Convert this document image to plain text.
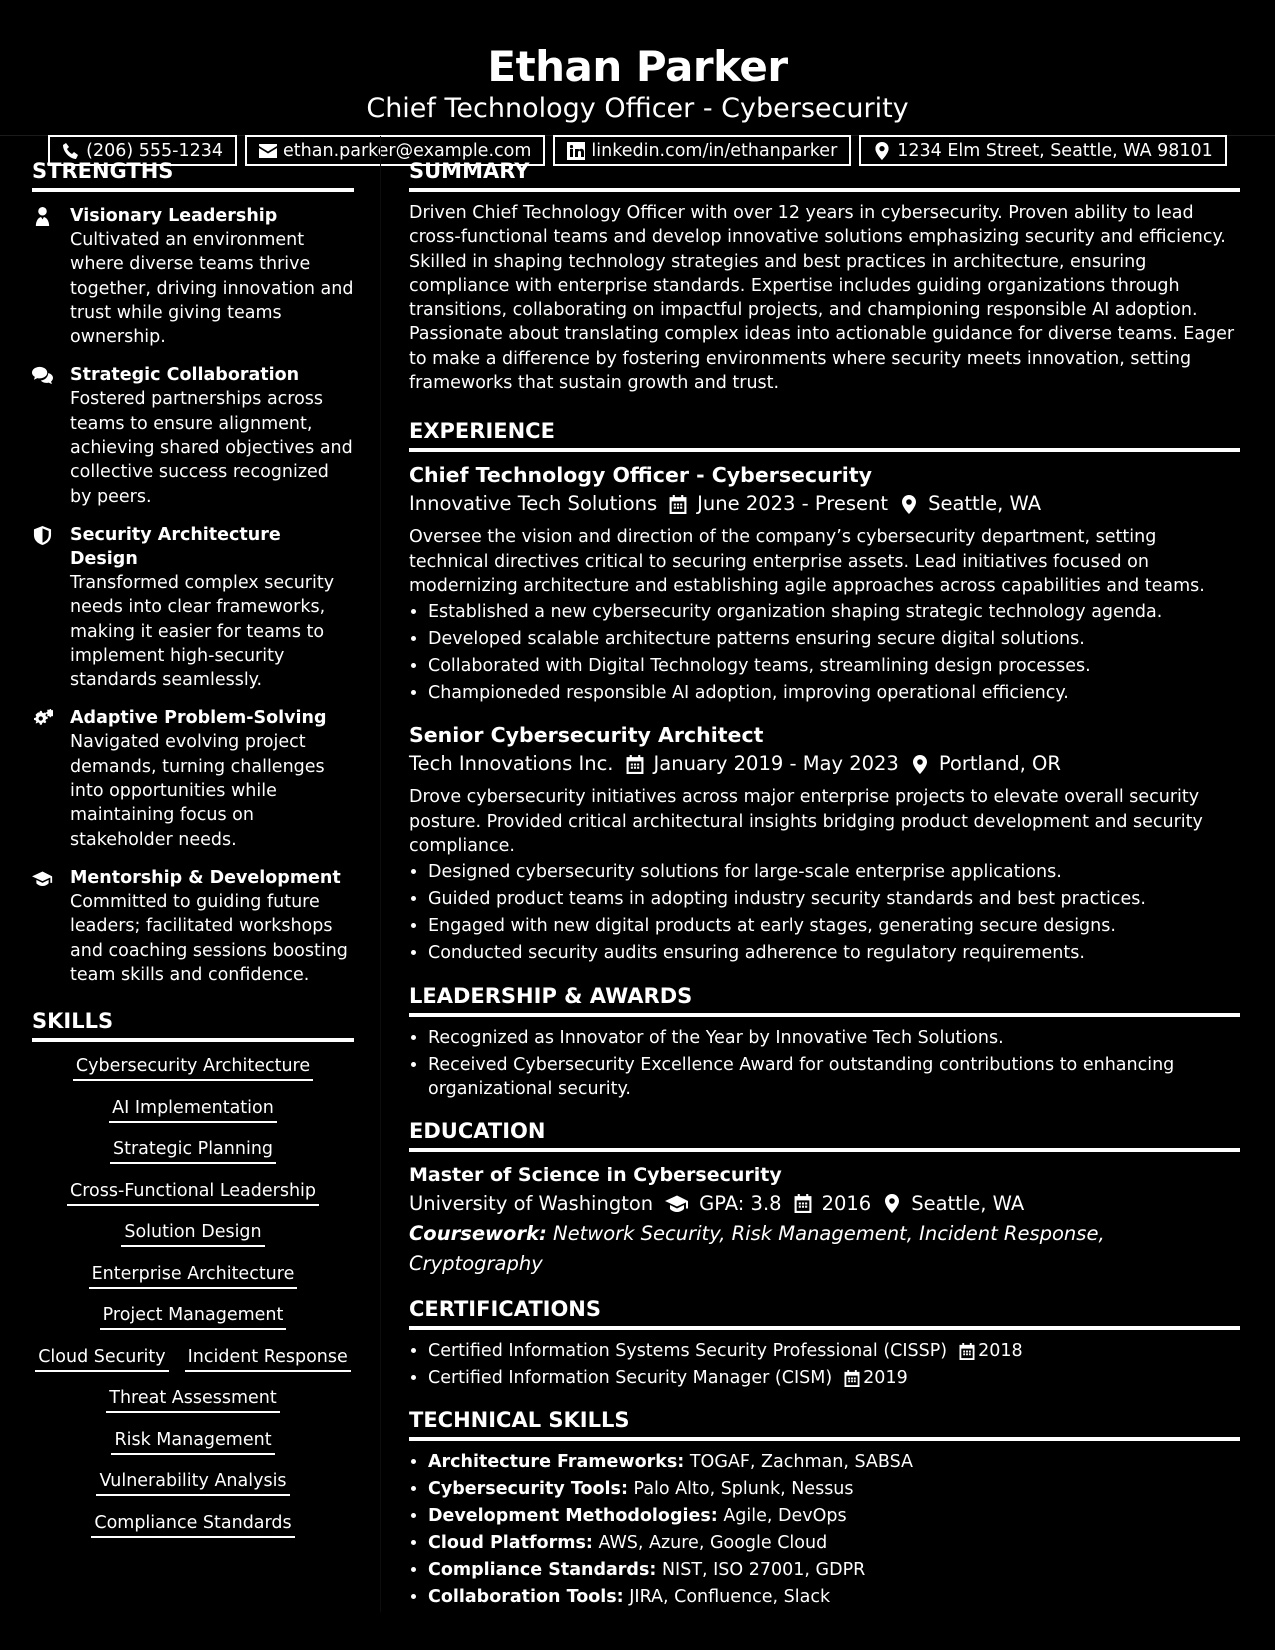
Ethan Parker
Chief Technology Officer - Cybersecurity
(206) 555-1234	ethan.parker@example.com	linkedin.com/in/ethanparker	1234 Elm Street, Seattle, WA 98101
STRENGTHS
Visionary Leadership
Cultivated an environment where diverse teams thrive together, driving innovation and trust while giving teams ownership.
Strategic Collaboration
Fostered partnerships across teams to ensure alignment, achieving shared objectives and collective success recognized by peers.
Security Architecture Design
Transformed complex security needs into clear frameworks, making it easier for teams to implement high-security standards seamlessly.
Adaptive Problem-Solving
Navigated evolving project demands, turning challenges into opportunities while maintaining focus on stakeholder needs.
Mentorship & Development
Committed to guiding future leaders; facilitated workshops and coaching sessions boosting team skills and confidence.
SKILLS
Cybersecurity Architecture
AI Implementation
Strategic Planning
Cross-Functional Leadership
Solution Design
Enterprise Architecture
Project Management
Cloud Security Incident Response
Threat Assessment
Risk Management
Vulnerability Analysis
Compliance Standards
SUMMARY

Driven Chief Technology Officer with over 12 years in cybersecurity. Proven ability to lead cross-functional teams and develop innovative solutions emphasizing security and efficiency. Skilled in shaping technology strategies and best practices in architecture, ensuring compliance with enterprise standards. Expertise includes guiding organizations through transitions, collaborating on impactful projects, and championing responsible AI adoption. Passionate about translating complex ideas into actionable guidance for diverse teams. Eager to make a difference by fostering environments where security meets innovation, setting frameworks that sustain growth and trust.

EXPERIENCE
Chief Technology Officer - Cybersecurity
Innovative Tech Solutions June 2023 - Present Seattle, WA

Oversee the vision and direction of the company’s cybersecurity department, setting technical directives critical to securing enterprise assets. Lead initiatives focused on modernizing architecture and establishing agile approaches across capabilities and teams.

• Established a new cybersecurity organization shaping strategic technology agenda.
• Developed scalable architecture patterns ensuring secure digital solutions.
• Collaborated with Digital Technology teams, streamlining design processes.
• Championeded responsible AI adoption, improving operational efficiency.
Senior Cybersecurity Architect
Tech Innovations Inc. January 2019 - May 2023 Portland, OR

Drove cybersecurity initiatives across major enterprise projects to elevate overall security posture. Provided critical architectural insights bridging product development and security compliance.

• Designed cybersecurity solutions for large-scale enterprise applications.
• Guided product teams in adopting industry security standards and best practices.
• Engaged with new digital products at early stages, generating secure designs.
• Conducted security audits ensuring adherence to regulatory requirements.
LEADERSHIP & AWARDS
• Recognized as Innovator of the Year by Innovative Tech Solutions.
• Received Cybersecurity Excellence Award for outstanding contributions to enhancing organizational security.
EDUCATION
Master of Science in Cybersecurity
University of Washington GPA: 3.8 2016 Seattle, WA
Coursework: Network Security, Risk Management, Incident Response, Cryptography
CERTIFICATIONS
• Certified Information Systems Security Professional (CISSP) 2018
• Certified Information Security Manager (CISM) 2019
TECHNICAL SKILLS
• Architecture Frameworks: TOGAF, Zachman, SABSA
• Cybersecurity Tools: Palo Alto, Splunk, Nessus
• Development Methodologies: Agile, DevOps
• Cloud Platforms: AWS, Azure, Google Cloud
• Compliance Standards: NIST, ISO 27001, GDPR
• Collaboration Tools: JIRA, Confluence, Slack
